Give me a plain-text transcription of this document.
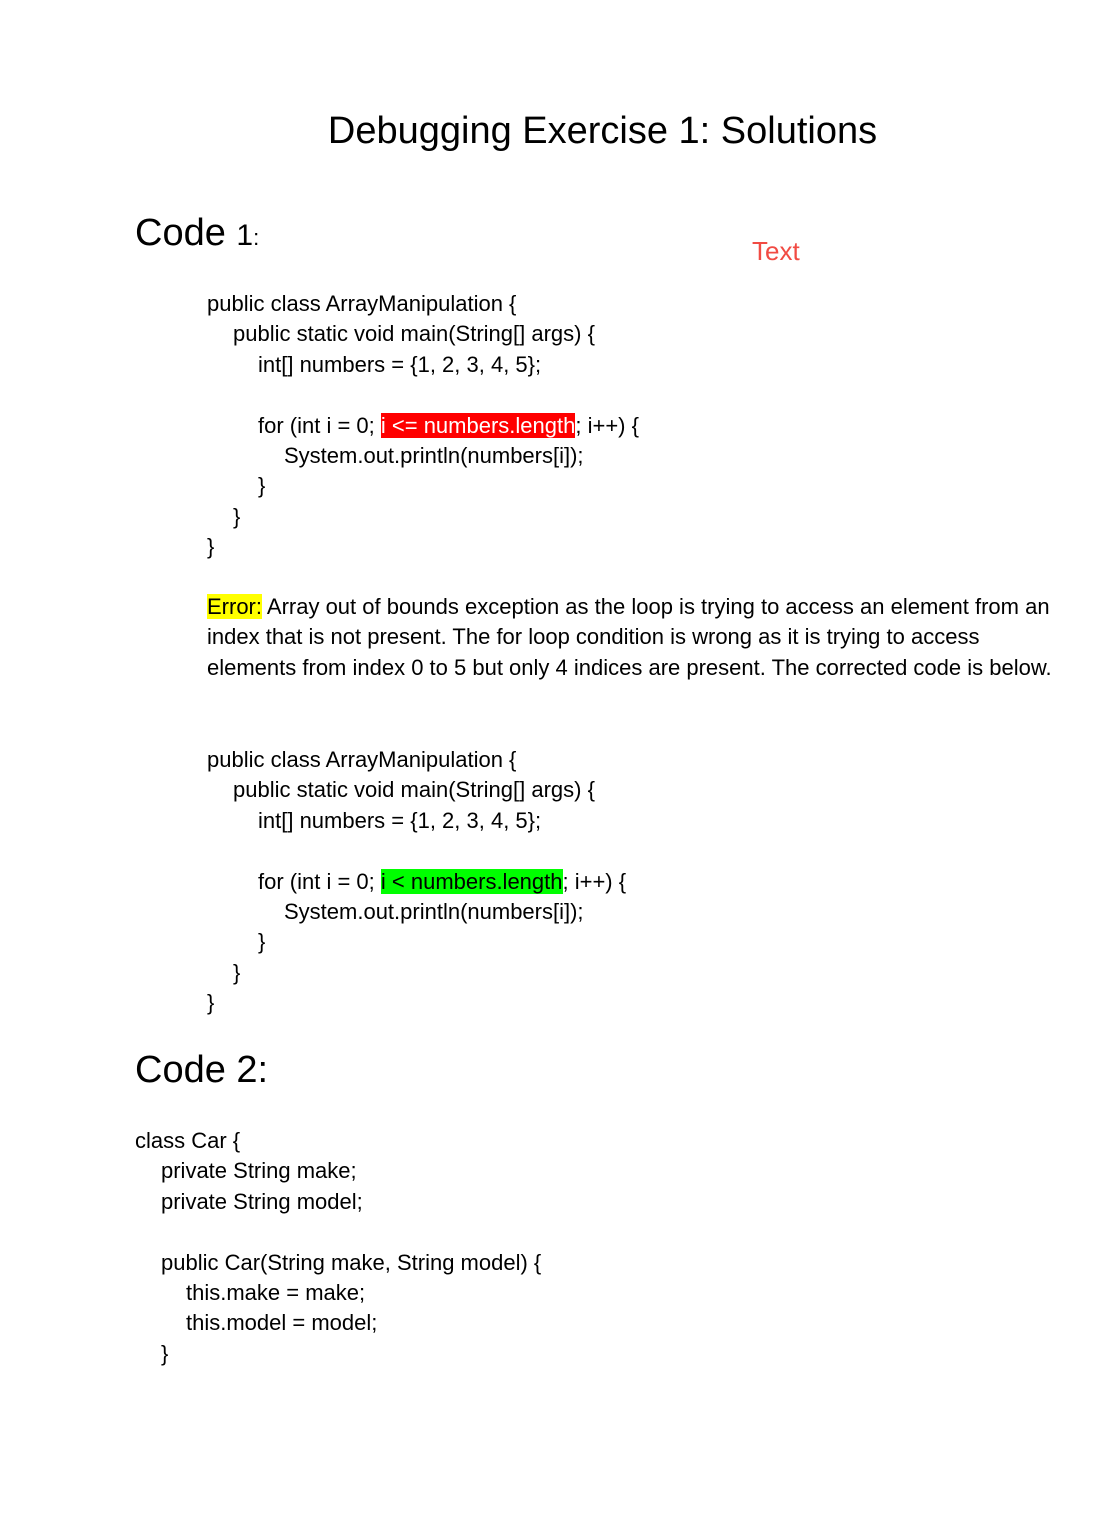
Debugging Exercise 1: Solutions
Code 1:	Text
public class ArrayManipulation {
public static void main(String[] args) {
int[] numbers = {1, 2, 3, 4, 5};
for (int i = 0; i <= numbers.length; i++) {
System.out.println(numbers[i]);
}
}
}
Error: Array out of bounds exception as the loop is trying to access an element from an index that is not present. The for loop condition is wrong as it is trying to access elements from index 0 to 5 but only 4 indices are present. The corrected code is below.
public class ArrayManipulation {
public static void main(String[] args) {
int[] numbers = {1, 2, 3, 4, 5};
for (int i = 0; i < numbers.length; i++) {
System.out.println(numbers[i]);
}
}
}
Code 2:
class Car {
private String make;
private String model;
public Car(String make, String model) {
this.make = make;
this.model = model;
}
